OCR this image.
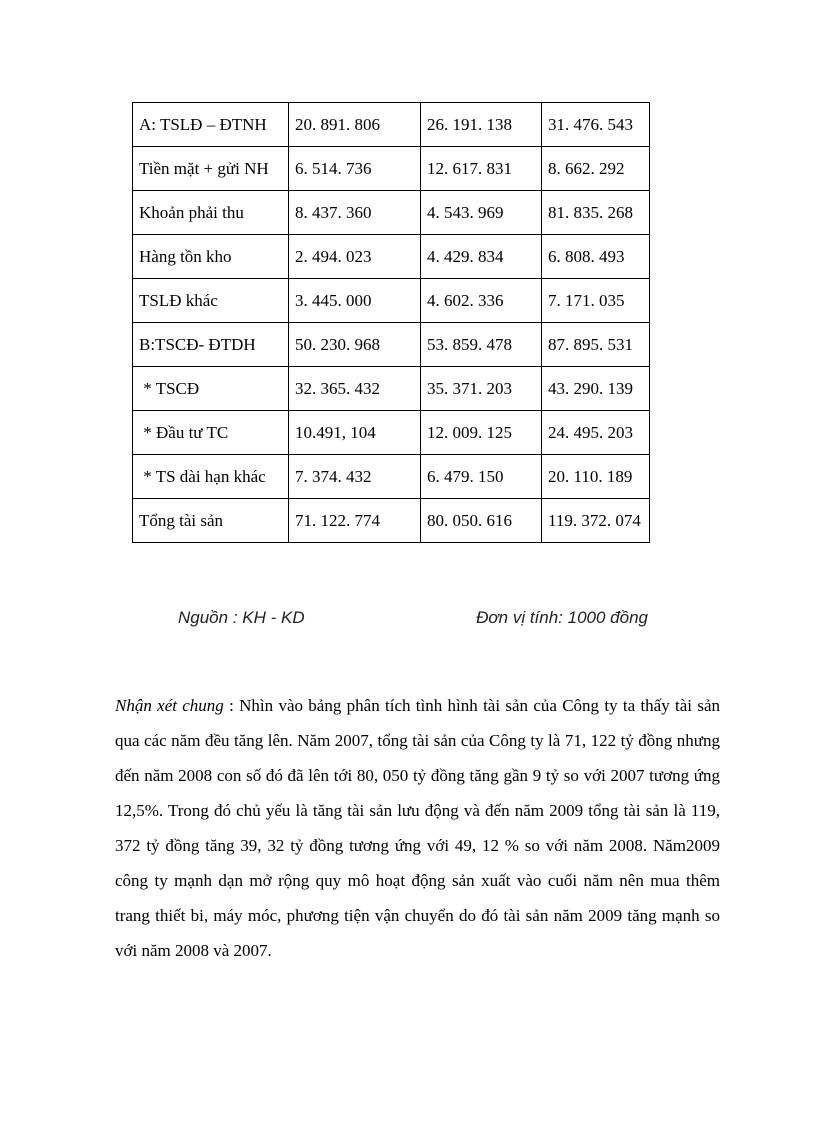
A: TSLĐ – ĐTNH	20. 891. 806	26. 191. 138	31. 476. 543
Tiền mặt + gửi NH	6. 514. 736	12. 617. 831	8. 662. 292
Khoản phải thu	8. 437. 360	4. 543. 969	81. 835. 268
Hàng tồn kho	2. 494. 023	4. 429. 834	6. 808. 493
TSLĐ khác	3. 445. 000	4. 602. 336	7. 171. 035
B:TSCĐ- ĐTDH	50. 230. 968	53. 859. 478	87. 895. 531
* TSCĐ	32. 365. 432	35. 371. 203	43. 290. 139
* Đầu tư TC	10.491, 104	12. 009. 125	24. 495. 203
* TS dài hạn khác	7. 374. 432	6. 479. 150	20. 110. 189
Tổng tài sản	71. 122. 774	80. 050. 616	119. 372. 074
Nguồn : KH - KD	Đơn vị tính: 1000 đồng

Nhận xét chung : Nhìn vào bảng phân tích tình hình tài sản của Công ty ta thấy tài sản qua các năm đều tăng lên. Năm 2007, tổng tài sản của Công ty là 71, 122 tỷ đồng nhưng đến năm 2008 con số đó đã lên tới 80, 050 tỷ đồng tăng gần 9 tỷ so với 2007 tương ứng 12,5%. Trong đó chủ yếu là tăng tài sản lưu động và đến năm 2009 tổng tài sản là 119, 372 tỷ đồng tăng 39, 32 tỷ đồng tương ứng với 49, 12 % so với năm 2008. Năm2009 công ty mạnh dạn mở rộng quy mô hoạt động sản xuất vào cuối năm nên mua thêm trang thiết bi, máy móc, phương tiện vận chuyển do đó tài sản năm 2009 tăng mạnh so với năm 2008 và 2007.
